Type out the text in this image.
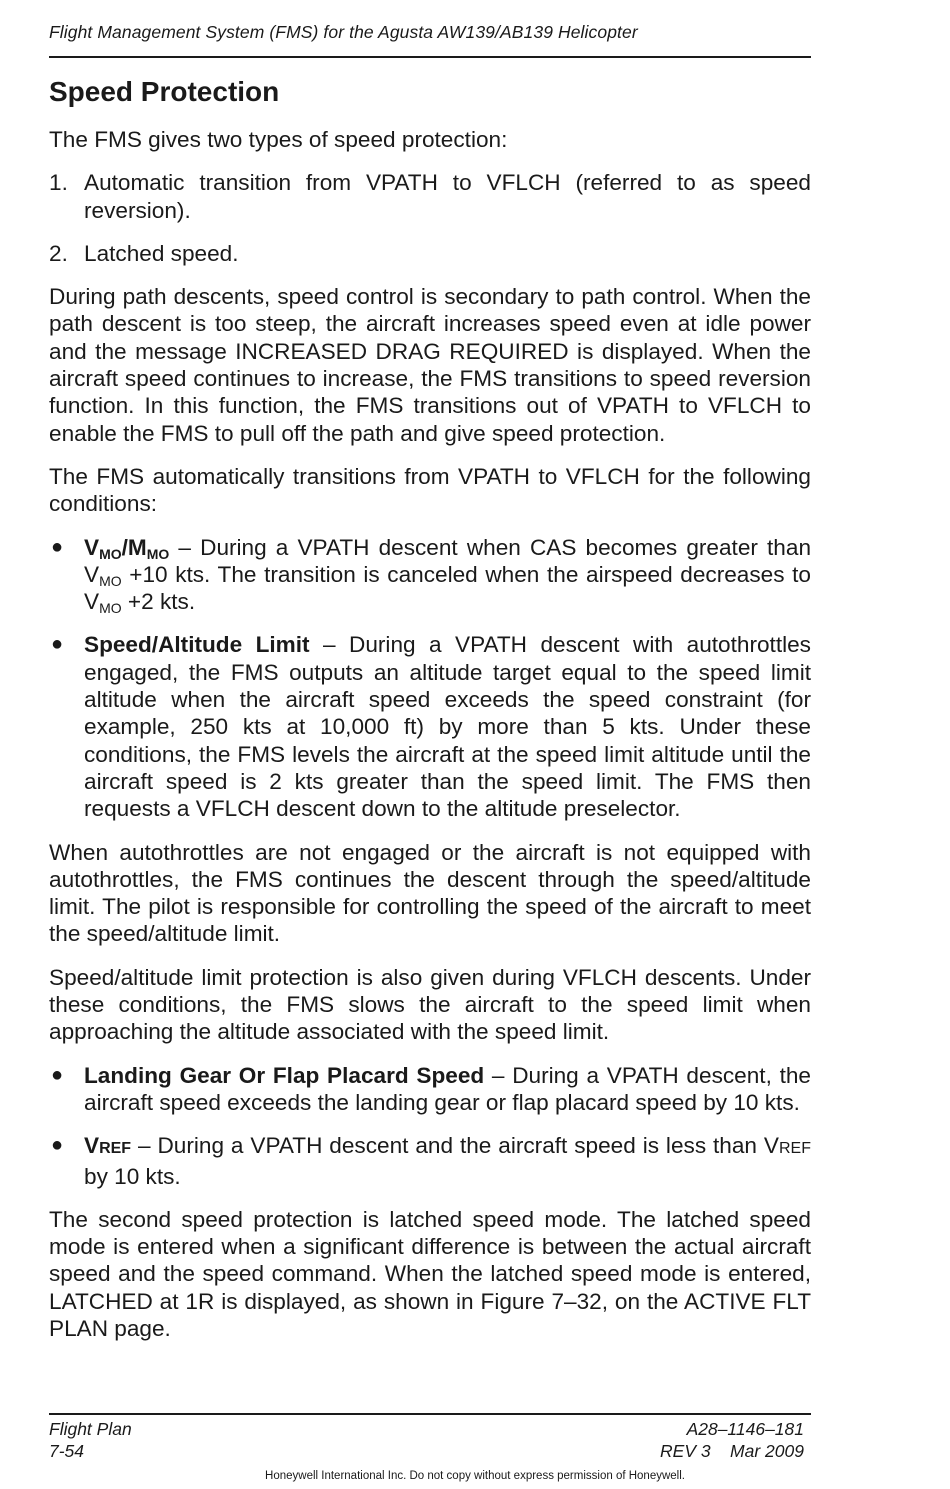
Flight Management System (FMS) for the Agusta AW139/AB139 Helicopter
Speed Protection

The FMS gives two types of speed protection:

1. Automatic transition from VPATH to VFLCH (referred to as speed reversion).
2. Latched speed.

During path descents, speed control is secondary to path control. When the path descent is too steep, the aircraft increases speed even at idle power and the message INCREASED DRAG REQUIRED is displayed. When the aircraft speed continues to increase, the FMS transitions to speed reversion function. In this function, the FMS transitions out of VPATH to VFLCH to enable the FMS to pull off the path and give speed protection.

The FMS automatically transitions from VPATH to VFLCH for the following conditions:

● $V_{MO}/M_{MO}$ – During a VPATH descent when CAS becomes greater than $V_{MO} +10$ kts. The transition is canceled when the airspeed decreases to $V_{MO} +2$ kts.
● Speed/Altitude Limit – During a VPATH descent with autothrottles engaged, the FMS outputs an altitude target equal to the speed limit altitude when the aircraft speed exceeds the speed constraint (for example, 250 kts at 10,000 ft) by more than 5 kts. Under these conditions, the FMS levels the aircraft at the speed limit altitude until the aircraft speed is 2 kts greater than the speed limit. The FMS then requests a VFLCH descent down to the altitude preselector.

When autothrottles are not engaged or the aircraft is not equipped with autothrottles, the FMS continues the descent through the speed/altitude limit. The pilot is responsible for controlling the speed of the aircraft to meet the speed/altitude limit.

Speed/altitude limit protection is also given during VFLCH descents. Under these conditions, the FMS slows the aircraft to the speed limit when approaching the altitude associated with the speed limit.

● Landing Gear Or Flap Placard Speed – During a VPATH descent, the aircraft speed exceeds the landing gear or flap placard speed by 10 kts.
● VREF – During a VPATH descent and the aircraft speed is less than VREF by 10 kts.

The second speed protection is latched speed mode. The latched speed mode is entered when a significant difference is between the actual aircraft speed and the speed command. When the latched speed mode is entered, LATCHED at 1R is displayed, as shown in Figure 7–32, on the ACTIVE FLT PLAN page.

Flight Plan
7-54
A28–1146–181
REV 3    Mar 2009
Honeywell International Inc. Do not copy without express permission of Honeywell.
